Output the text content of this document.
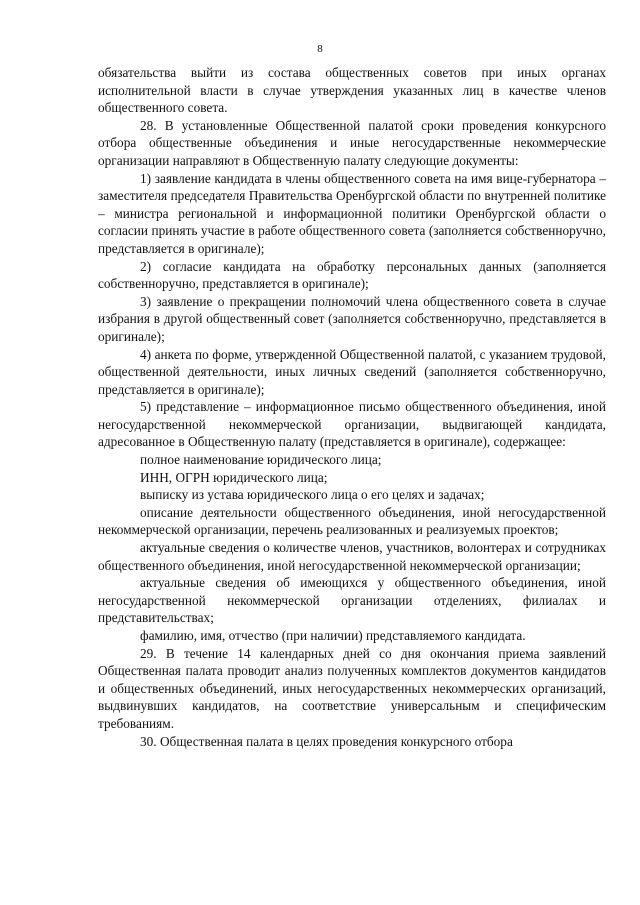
8

обязательства выйти из состава общественных советов при иных органах исполнительной власти в случае утверждения указанных лиц в качестве членов общественного совета.

28. В установленные Общественной палатой сроки проведения конкурсного отбора общественные объединения и иные негосударственные некоммерческие организации направляют в Общественную палату следующие документы:

1) заявление кандидата в члены общественного совета на имя вице-губернатора – заместителя председателя Правительства Оренбургской области по внутренней политике – министра региональной и информационной политики Оренбургской области о согласии принять участие в работе общественного совета (заполняется собственноручно, представляется в оригинале);

2) согласие кандидата на обработку персональных данных (заполняется собственноручно, представляется в оригинале);

3) заявление о прекращении полномочий члена общественного совета в случае избрания в другой общественный совет (заполняется собственноручно, представляется в оригинале);

4) анкета по форме, утвержденной Общественной палатой, с указанием трудовой, общественной деятельности, иных личных сведений (заполняется собственноручно, представляется в оригинале);

5) представление – информационное письмо общественного объединения, иной негосударственной некоммерческой организации, выдвигающей кандидата, адресованное в Общественную палату (представляется в оригинале), содержащее:

полное наименование юридического лица;

ИНН, ОГРН юридического лица;

выписку из устава юридического лица о его целях и задачах;

описание деятельности общественного объединения, иной негосударственной некоммерческой организации, перечень реализованных и реализуемых проектов;

актуальные сведения о количестве членов, участников, волонтерах и сотрудниках общественного объединения, иной негосударственной некоммерческой организации;

актуальные сведения об имеющихся у общественного объединения, иной негосударственной некоммерческой организации отделениях, филиалах и представительствах;

фамилию, имя, отчество (при наличии) представляемого кандидата.

29. В течение 14 календарных дней со дня окончания приема заявлений Общественная палата проводит анализ полученных комплектов документов кандидатов и общественных объединений, иных негосударственных некоммерческих организаций, выдвинувших кандидатов, на соответствие универсальным и специфическим требованиям.

30. Общественная палата в целях проведения конкурсного отбора
